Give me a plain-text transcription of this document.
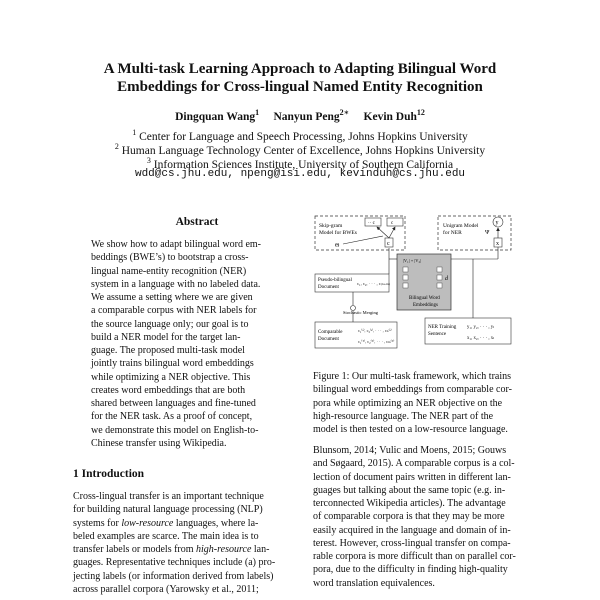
A Multi-task Learning Approach to Adapting Bilingual Word
Embeddings for Cross-lingual Named Entity Recognition
Dingquan Wang$^1$ Nanyun Peng$^{2∗}$ Kevin Duh$^{12}$
$^1$ Center for Language and Speech Processing, Johns Hopkins University
$^2$ Human Language Technology Center of Excellence, Johns Hopkins University
$^3$ Information Sciences Institute, University of Southern California
wdd@cs.jhu.edu, npeng@isi.edu, kevinduh@cs.jhu.edu
Abstract
We show how to adapt bilingual word em-
beddings (BWE’s) to bootstrap a cross-
lingual name-entity recognition (NER)
system in a language with no labeled data.
We assume a setting where we are given
a comparable corpus with NER labels for
the source language only; our goal is to
build a NER model for the target lan-
guage. The proposed multi-task model
jointly trains bilingual word embeddings
while optimizing a NER objective. This
creates word embeddings that are both
shared between languages and fine-tuned
for the NER task. As a proof of concept,
we demonstrate this model on English-to-
Chinese transfer using Wikipedia.
1 Introduction
Cross-lingual transfer is an important technique
for building natural language processing (NLP)
systems for low-resource languages, where la-
beled examples are scarce. The main idea is to
transfer labels or models from high-resource lan-
guages. Representative techniques include (a) pro-
jecting labels (or information derived from labels)
across parallel corpora (Yarowsky et al., 2011;
Skip-gram
Model for BWEs
·· c	c
c
Θ
Unigram Model
for NER
y
x
Ψ
Pseudo-bilingual
Document
c₁, c₂, · · · , c₍ₙ₊ₘ₎
|V₁| + |V₂|
d
Bilingual Word
Embeddings
Stochastic Merging
Comparable
Document
c₁⁽ˢ⁾, c₂⁽ˢ⁾, · · · , cₙ⁽ˢ⁾
c₁⁽ᵀ⁾, c₂⁽ᵀ⁾, · · · , cₘ⁽ᵀ⁾
NER Training
Sentence
y₁, y₂, · · · , yₗ
x₁, x₂, · · · , xₗ
Figure 1: Our multi-task framework, which trains
bilingual word embeddings from comparable cor-
pora while optimizing an NER objective on the
high-resource language. The NER part of the
model is then tested on a low-resource language.
Blunsom, 2014; Vulic and Moens, 2015; Gouws
and Søgaard, 2015). A comparable corpus is a col-
lection of document pairs written in different lan-
guages but talking about the same topic (e.g. in-
terconnected Wikipedia articles). The advantage
of comparable corpora is that they may be more
easily acquired in the language and domain of in-
terest. However, cross-lingual transfer on compa-
rable corpora is more difficult than on parallel cor-
pora, due to the difficulty in finding high-quality
word translation equivalences.
